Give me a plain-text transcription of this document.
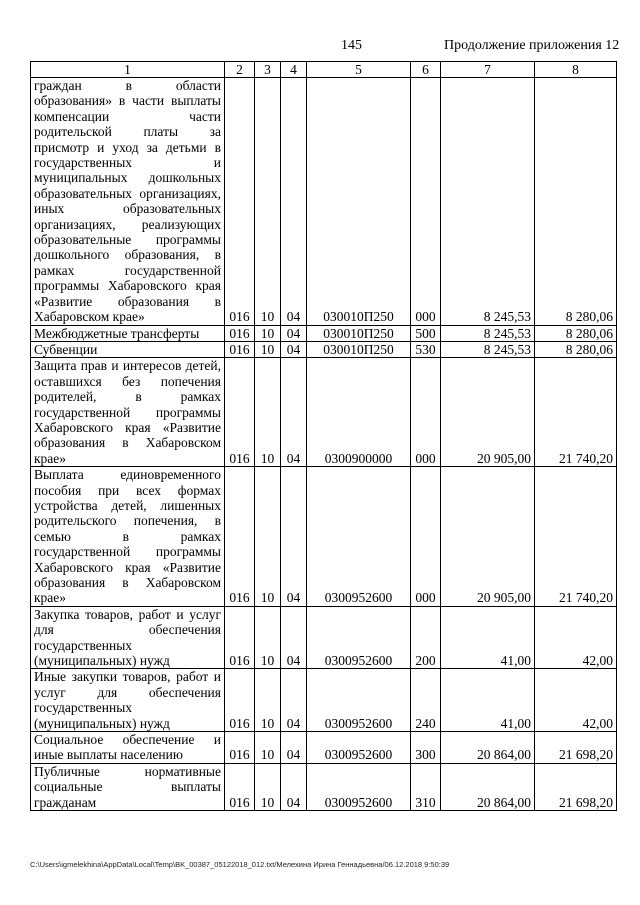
145	Продолжение приложения 12
1	2	3	4	5	6	7	8
граждан в области образования» в части выплаты компенсации части родительской платы за присмотр и уход за детьми в государственных и муниципальных дошкольных образовательных организациях, иных образовательных организациях, реализующих образовательные программы дошкольного образования, в рамках государственной программы Хабаровского края «Развитие образования в Хабаровском крае»	016	10	04	030010П250	000	8 245,53	8 280,06
Межбюджетные трансферты	016	10	04	030010П250	500	8 245,53	8 280,06
Субвенции	016	10	04	030010П250	530	8 245,53	8 280,06
Защита прав и интересов детей, оставшихся без попечения родителей, в рамках государственной программы Хабаровского края «Развитие образования в Хабаровском крае»	016	10	04	0300900000	000	20 905,00	21 740,20
Выплата единовременного пособия при всех формах устройства детей, лишенных родительского попечения, в семью в рамках государственной программы Хабаровского края «Развитие образования в Хабаровском крае»	016	10	04	0300952600	000	20 905,00	21 740,20
Закупка товаров, работ и услуг для обеспечения государственных (муниципальных) нужд	016	10	04	0300952600	200	41,00	42,00
Иные закупки товаров, работ и услуг для обеспечения государственных (муниципальных) нужд	016	10	04	0300952600	240	41,00	42,00
Социальное обеспечение и иные выплаты населению	016	10	04	0300952600	300	20 864,00	21 698,20
Публичные нормативные социальные выплаты гражданам	016	10	04	0300952600	310	20 864,00	21 698,20
C:\Users\igmelekhina\AppData\Local\Temp\BK_00387_05122018_012.txt/Мелехина Ирина Геннадьевна/06.12.2018 9:50:39
